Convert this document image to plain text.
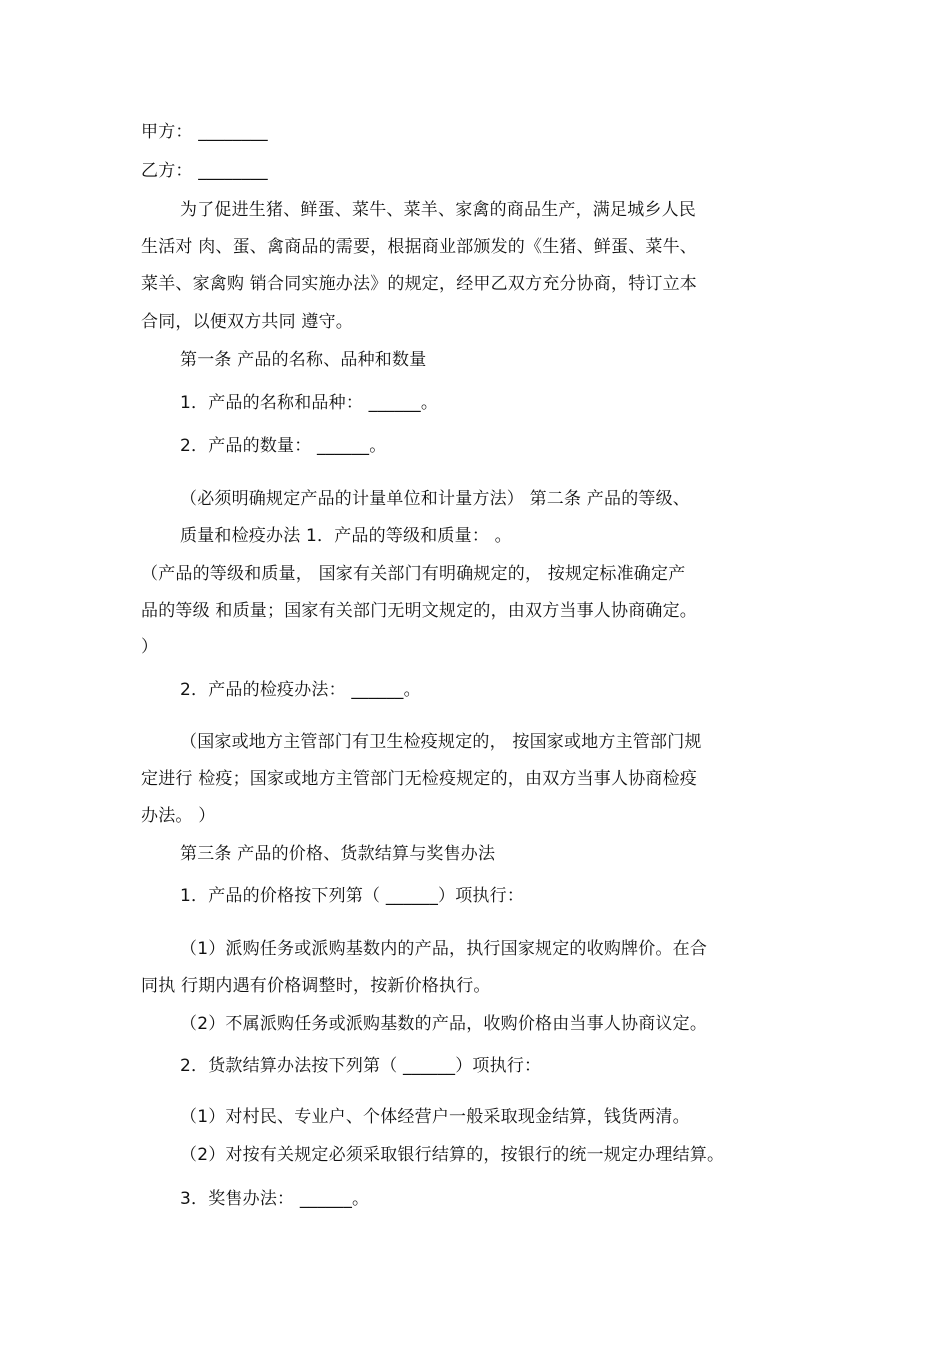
甲方： ________
乙方： ________
为了促进生猪、鲜蛋、菜牛、菜羊、家禽的商品生产，满足城乡人民
生活对 肉、蛋、禽商品的需要，根据商业部颁发的《生猪、鲜蛋、菜牛、
菜羊、家禽购 销合同实施办法》的规定，经甲乙双方充分协商，特订立本
合同，以便双方共同 遵守。
第一条 产品的名称、品种和数量
1．产品的名称和品种： ______。
2．产品的数量： ______。
（必须明确规定产品的计量单位和计量方法） 第二条 产品的等级、
质量和检疫办法 1．产品的等级和质量： 。
（产品的等级和质量， 国家有关部门有明确规定的， 按规定标准确定产
品的等级 和质量；国家有关部门无明文规定的，由双方当事人协商确定。
）
2．产品的检疫办法： ______。
（国家或地方主管部门有卫生检疫规定的， 按国家或地方主管部门规
定进行 检疫；国家或地方主管部门无检疫规定的，由双方当事人协商检疫
办法。 ）
第三条 产品的价格、货款结算与奖售办法
1．产品的价格按下列第（ ______）项执行：
（1）派购任务或派购基数内的产品，执行国家规定的收购牌价。在合
同执 行期内遇有价格调整时，按新价格执行。
（2）不属派购任务或派购基数的产品，收购价格由当事人协商议定。
2．货款结算办法按下列第（ ______）项执行：
（1）对村民、专业户、个体经营户一般采取现金结算，钱货两清。
（2）对按有关规定必须采取银行结算的，按银行的统一规定办理结算。
3．奖售办法： ______。
